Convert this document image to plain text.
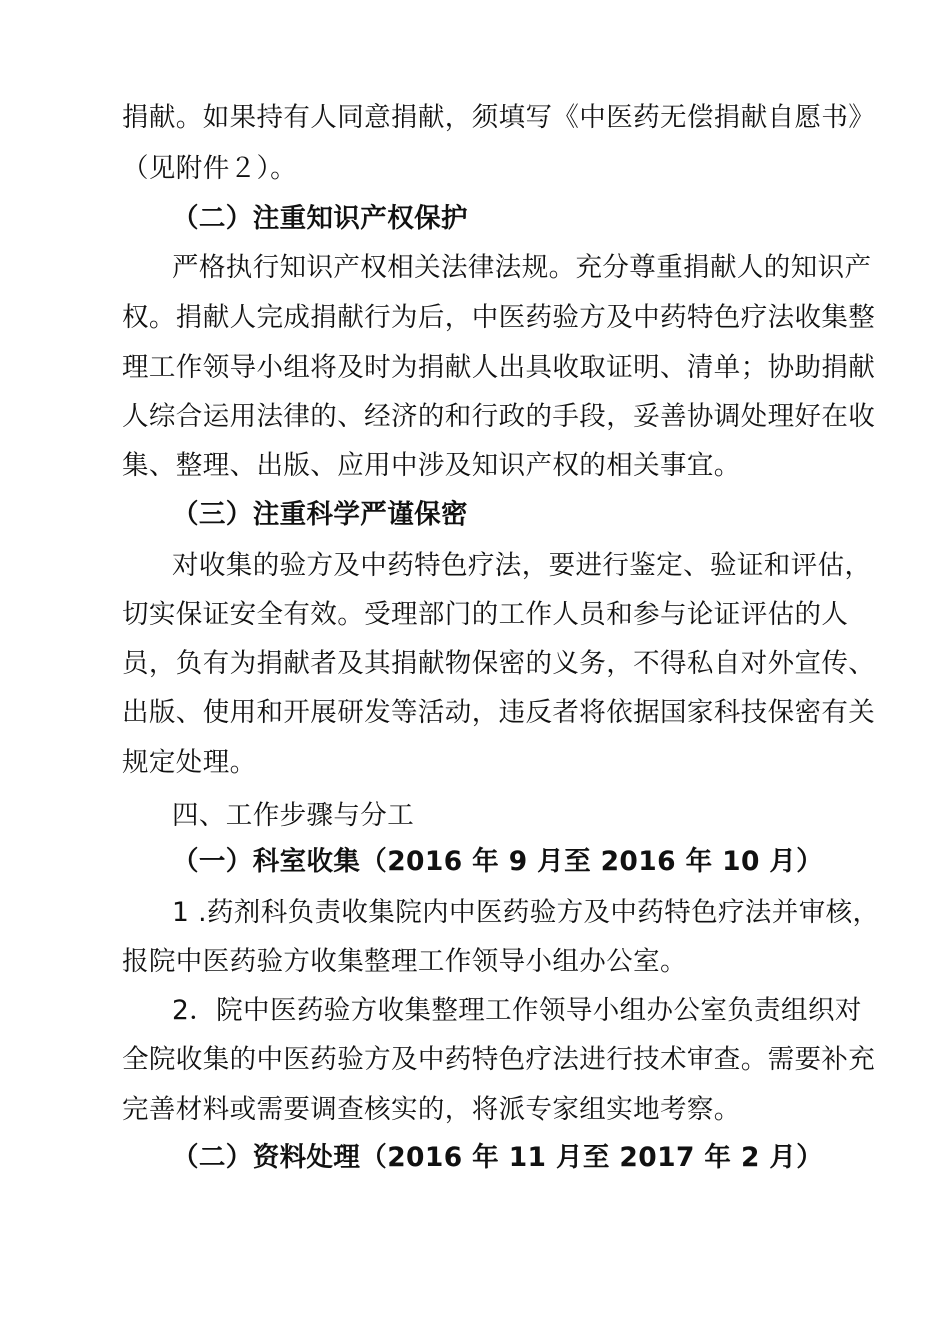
捐献。如果持有人同意捐献，须填写《中医药无偿捐献自愿书》
（见附件２）。
（二）注重知识产权保护
严格执行知识产权相关法律法规。充分尊重捐献人的知识产
权。捐献人完成捐献行为后，中医药验方及中药特色疗法收集整
理工作领导小组将及时为捐献人出具收取证明、清单；协助捐献
人综合运用法律的、经济的和行政的手段，妥善协调处理好在收
集、整理、出版、应用中涉及知识产权的相关事宜。
（三）注重科学严谨保密
对收集的验方及中药特色疗法，要进行鉴定、验证和评估，
切实保证安全有效。受理部门的工作人员和参与论证评估的人
员，负有为捐献者及其捐献物保密的义务，不得私自对外宣传、
出版、使用和开展研发等活动，违反者将依据国家科技保密有关
规定处理。
四、工作步骤与分工
（一）科室收集（2016 年 9 月至 2016 年 10 月）
1 .药剂科负责收集院内中医药验方及中药特色疗法并审核，
报院中医药验方收集整理工作领导小组办公室。
2．院中医药验方收集整理工作领导小组办公室负责组织对
全院收集的中医药验方及中药特色疗法进行技术审查。需要补充
完善材料或需要调查核实的，将派专家组实地考察。
（二）资料处理（2016 年 11 月至 2017 年 2 月）
